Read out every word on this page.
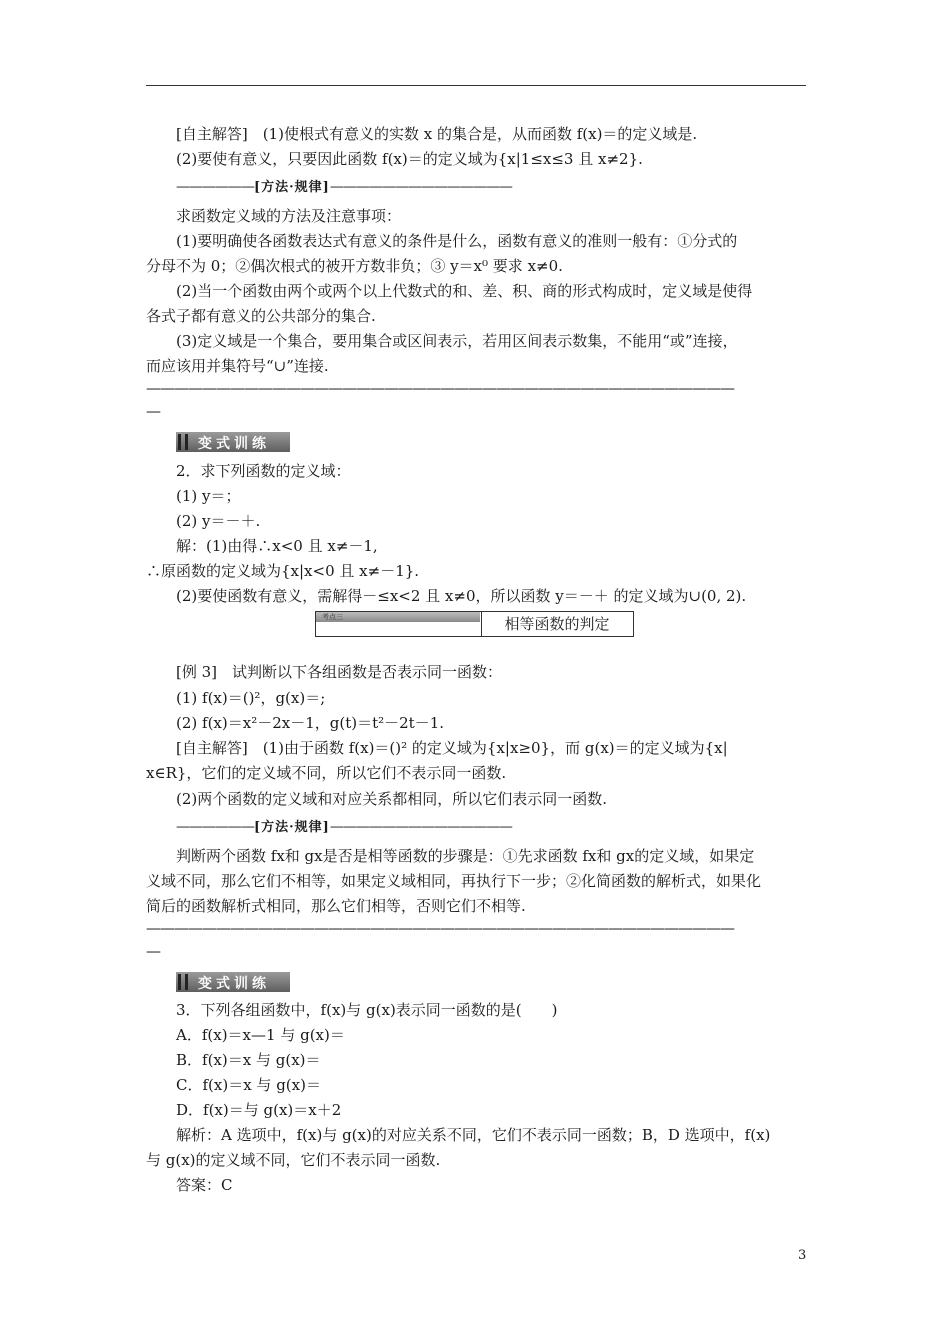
[自主解答]　(1)使根式有意义的实数 x 的集合是，从而函数 f(x)＝的定义域是.
(2)要使有意义，只要因此函数 f(x)＝的定义域为{x|1≤x≤3 且 x≠2}.
——————[方法·规律]——————————————
求函数定义域的方法及注意事项：
(1)要明确使各函数表达式有意义的条件是什么，函数有意义的准则一般有：①分式的
分母不为 0；②偶次根式的被开方数非负；③ y＝x⁰ 要求 x≠0.
(2)当一个函数由两个或两个以上代数式的和、差、积、商的形式构成时，定义域是使得
各式子都有意义的公共部分的集合.
(3)定义域是一个集合，要用集合或区间表示，若用区间表示数集，不能用“或”连接，
而应该用并集符号“∪”连接.
——————————————————————————————————————————
—
变式训练
2．求下列函数的定义域：
(1) y＝；
(2) y＝－＋.
解：(1)由得∴x<0 且 x≠－1,
∴原函数的定义域为{x|x<0 且 x≠－1}.
(2)要使函数有意义，需解得－≤x<2 且 x≠0，所以函数 y＝－＋ 的定义域为∪(0, 2).
考点三	相等函数的判定
[例 3]　试判断以下各组函数是否表示同一函数：
(1) f(x)＝()²，g(x)＝;
(2) f(x)＝x²－2x－1，g(t)＝t²－2t－1.
[自主解答]　(1)由于函数 f(x)＝()² 的定义域为{x|x≥0}，而 g(x)＝的定义域为{x|
x∈R}，它们的定义域不同，所以它们不表示同一函数.
(2)两个函数的定义域和对应关系都相同，所以它们表示同一函数.
——————[方法·规律]——————————————
判断两个函数 fx和 gx是否是相等函数的步骤是：①先求函数 fx和 gx的定义域，如果定
义域不同，那么它们不相等，如果定义域相同，再执行下一步；②化简函数的解析式，如果化
简后的函数解析式相同，那么它们相等，否则它们不相等.
——————————————————————————————————————————
—
变式训练
3．下列各组函数中，f(x)与 g(x)表示同一函数的是(　　)
A．f(x)＝x—1 与 g(x)＝
B．f(x)＝x 与 g(x)＝
C．f(x)＝x 与 g(x)＝
D．f(x)＝与 g(x)＝x＋2
解析：A 选项中，f(x)与 g(x)的对应关系不同，它们不表示同一函数；B，D 选项中，f(x)
与 g(x)的定义域不同，它们不表示同一函数.
答案：C
3
